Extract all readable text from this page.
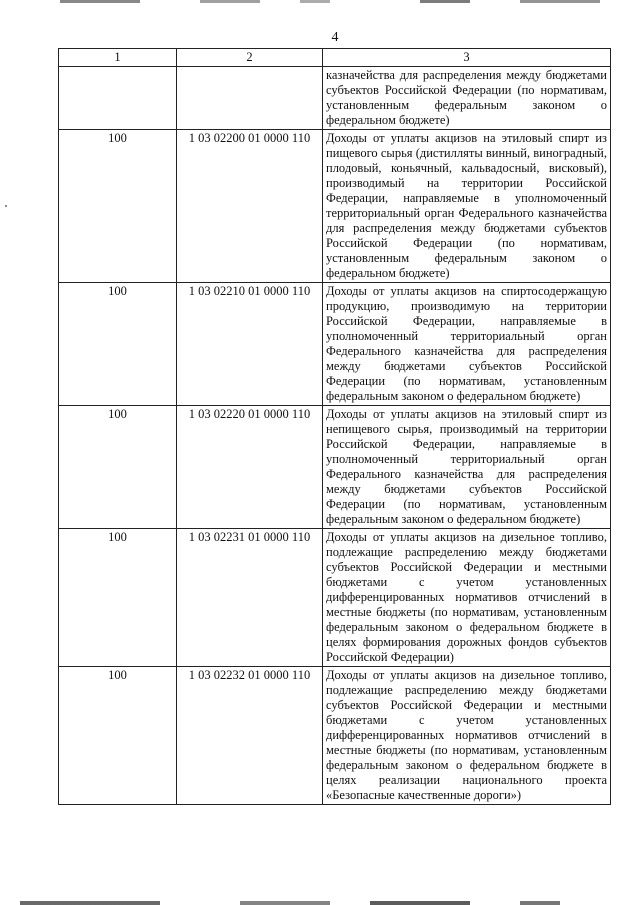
4
1	2	3
		казначейства для распределения между бюджетами субъектов Российской Федерации (по нормативам, установленным федеральным законом о федеральном бюджете)
100	1 03 02200 01 0000 110	Доходы от уплаты акцизов на этиловый спирт из пищевого сырья (дистилляты винный, виноградный, плодовый, коньячный, кальвадосный, висковый), производимый на территории Российской Федерации, направляемые в уполномоченный территориальный орган Федерального казначейства для распределения между бюджетами субъектов Российской Федерации (по нормативам, установленным федеральным законом о федеральном бюджете)
100	1 03 02210 01 0000 110	Доходы от уплаты акцизов на спиртосодержащую продукцию, производимую на территории Российской Федерации, направляемые в уполномоченный территориальный орган Федерального казначейства для распределения между бюджетами субъектов Российской Федерации (по нормативам, установленным федеральным законом о федеральном бюджете)
100	1 03 02220 01 0000 110	Доходы от уплаты акцизов на этиловый спирт из непищевого сырья, производимый на территории Российской Федерации, направляемые в уполномоченный территориальный орган Федерального казначейства для распределения между бюджетами субъектов Российской Федерации (по нормативам, установленным федеральным законом о федеральном бюджете)
100	1 03 02231 01 0000 110	Доходы от уплаты акцизов на дизельное топливо, подлежащие распределению между бюджетами субъектов Российской Федерации и местными бюджетами с учетом установленных дифференцированных нормативов отчислений в местные бюджеты (по нормативам, установленным федеральным законом о федеральном бюджете в целях формирования дорожных фондов субъектов Российской Федерации)
100	1 03 02232 01 0000 110	Доходы от уплаты акцизов на дизельное топливо, подлежащие распределению между бюджетами субъектов Российской Федерации и местными бюджетами с учетом установленных дифференцированных нормативов отчислений в местные бюджеты (по нормативам, установленным федеральным законом о федеральном бюджете в целях реализации национального проекта «Безопасные качественные дороги»)
